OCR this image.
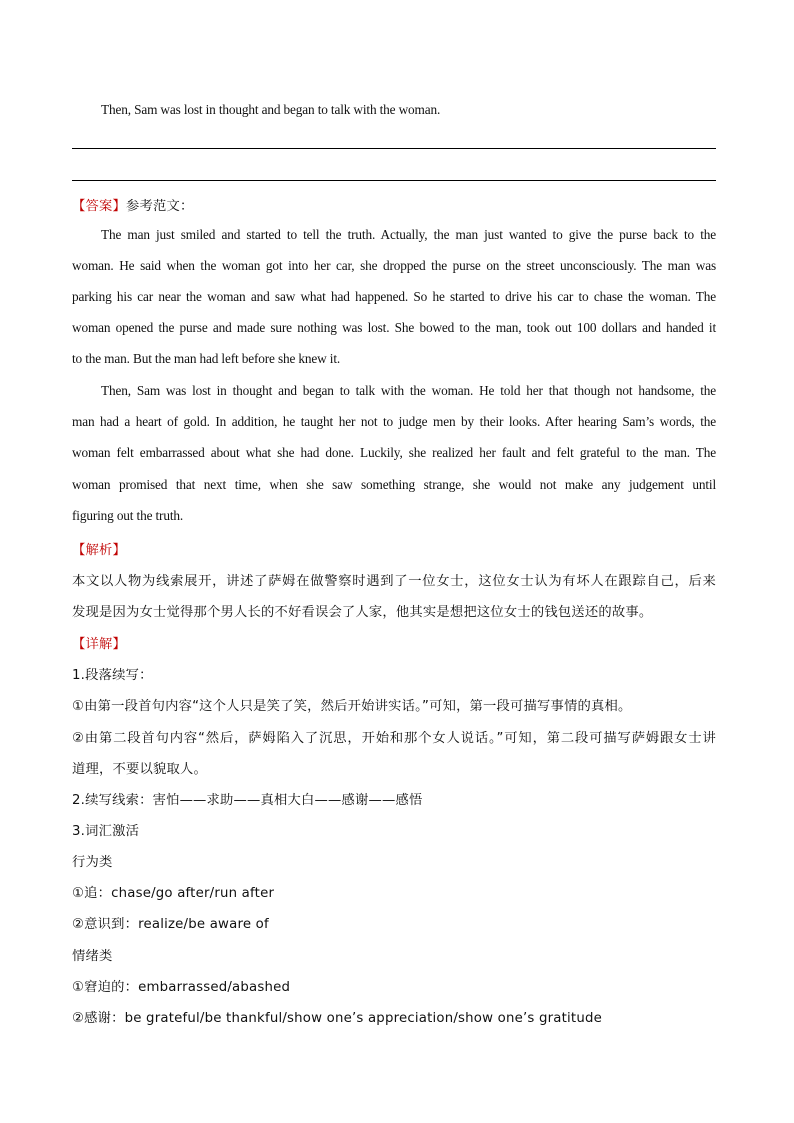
Then, Sam was lost in thought and began to talk with the woman.
【答案】参考范文：
The man just smiled and started to tell the truth. Actually, the man just wanted to give the purse back to the
woman. He said when the woman got into her car, she dropped the purse on the street unconsciously. The man was
parking his car near the woman and saw what had happened. So he started to drive his car to chase the woman. The
woman opened the purse and made sure nothing was lost. She bowed to the man, took out 100 dollars and handed it
to the man. But the man had left before she knew it.
Then, Sam was lost in thought and began to talk with the woman. He told her that though not handsome, the
man had a heart of gold. In addition, he taught her not to judge men by their looks. After hearing Sam’s words, the
woman felt embarrassed about what she had done. Luckily, she realized her fault and felt grateful to the man. The
woman promised that next time, when she saw something strange, she would not make any judgement until
figuring out the truth.
【解析】
本文以人物为线索展开，讲述了萨姆在做警察时遇到了一位女士，这位女士认为有坏人在跟踪自己，后来
发现是因为女士觉得那个男人长的不好看误会了人家，他其实是想把这位女士的钱包送还的故事。
【详解】
1.段落续写：
①由第一段首句内容“这个人只是笑了笑，然后开始讲实话。”可知，第一段可描写事情的真相。
②由第二段首句内容“然后，萨姆陷入了沉思，开始和那个女人说话。”可知，第二段可描写萨姆跟女士讲
道理，不要以貌取人。
2.续写线索：害怕——求助——真相大白——感谢——感悟
3.词汇激活
行为类
①追：chase/go after/run after
②意识到：realize/be aware of
情绪类
①窘迫的：embarrassed/abashed
②感谢：be grateful/be thankful/show one’s appreciation/show one’s gratitude
